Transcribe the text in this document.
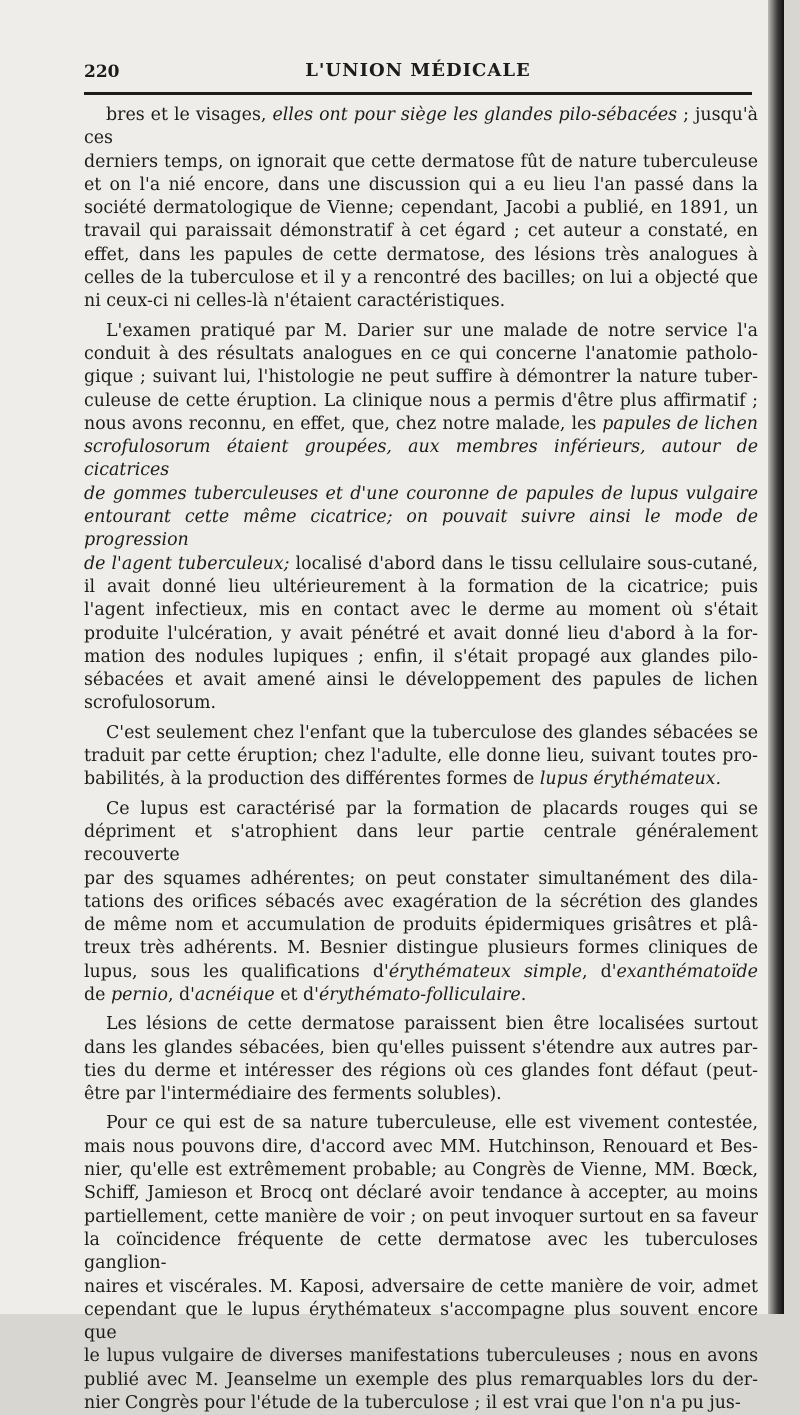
220	L'UNION MÉDICALE

bres et le visages, elles ont pour siège les glandes pilo-sébacées ; jusqu'à ces

derniers temps, on ignorait que cette dermatose fût de nature tuberculeuse

et on l'a nié encore, dans une discussion qui a eu lieu l'an passé dans la

société dermatologique de Vienne; cependant, Jacobi a publié, en 1891, un

travail qui paraissait démonstratif à cet égard ; cet auteur a constaté, en

effet, dans les papules de cette dermatose, des lésions très analogues à

celles de la tuberculose et il y a rencontré des bacilles; on lui a objecté que

ni ceux-ci ni celles-là n'étaient caractéristiques.

L'examen pratiqué par M. Darier sur une malade de notre service l'a

conduit à des résultats analogues en ce qui concerne l'anatomie patholo-

gique ; suivant lui, l'histologie ne peut suffire à démontrer la nature tuber-

culeuse de cette éruption. La clinique nous a permis d'être plus affirmatif ;

nous avons reconnu, en effet, que, chez notre malade, les papules de lichen

scrofulosorum étaient groupées, aux membres inférieurs, autour de cicatrices

de gommes tuberculeuses et d'une couronne de papules de lupus vulgaire

entourant cette même cicatrice; on pouvait suivre ainsi le mode de progression

de l'agent tuberculeux; localisé d'abord dans le tissu cellulaire sous-cutané,

il avait donné lieu ultérieurement à la formation de la cicatrice; puis

l'agent infectieux, mis en contact avec le derme au moment où s'était

produite l'ulcération, y avait pénétré et avait donné lieu d'abord à la for-

mation des nodules lupiques ; enfin, il s'était propagé aux glandes pilo-

sébacées et avait amené ainsi le développement des papules de lichen

scrofulosorum.

C'est seulement chez l'enfant que la tuberculose des glandes sébacées se

traduit par cette éruption; chez l'adulte, elle donne lieu, suivant toutes pro-

babilités, à la production des différentes formes de lupus érythémateux.

Ce lupus est caractérisé par la formation de placards rouges qui se

dépriment et s'atrophient dans leur partie centrale généralement recouverte

par des squames adhérentes; on peut constater simultanément des dila-

tations des orifices sébacés avec exagération de la sécrétion des glandes

de même nom et accumulation de produits épidermiques grisâtres et plâ-

treux très adhérents. M. Besnier distingue plusieurs formes cliniques de

lupus, sous les qualifications d'érythémateux simple, d'exanthématoïde

de pernio, d'acnéique et d'érythémato-folliculaire.

Les lésions de cette dermatose paraissent bien être localisées surtout

dans les glandes sébacées, bien qu'elles puissent s'étendre aux autres par-

ties du derme et intéresser des régions où ces glandes font défaut (peut-

être par l'intermédiaire des ferments solubles).

Pour ce qui est de sa nature tuberculeuse, elle est vivement contestée,

mais nous pouvons dire, d'accord avec MM. Hutchinson, Renouard et Bes-

nier, qu'elle est extrêmement probable; au Congrès de Vienne, MM. Bœck,

Schiff, Jamieson et Brocq ont déclaré avoir tendance à accepter, au moins

partiellement, cette manière de voir ; on peut invoquer surtout en sa faveur

la coïncidence fréquente de cette dermatose avec les tuberculoses ganglion-

naires et viscérales. M. Kaposi, adversaire de cette manière de voir, admet

cependant que le lupus érythémateux s'accompagne plus souvent encore que

le lupus vulgaire de diverses manifestations tuberculeuses ; nous en avons

publié avec M. Jeanselme un exemple des plus remarquables lors du der-

nier Congrès pour l'étude de la tuberculose ; il est vrai que l'on n'a pu jus-
